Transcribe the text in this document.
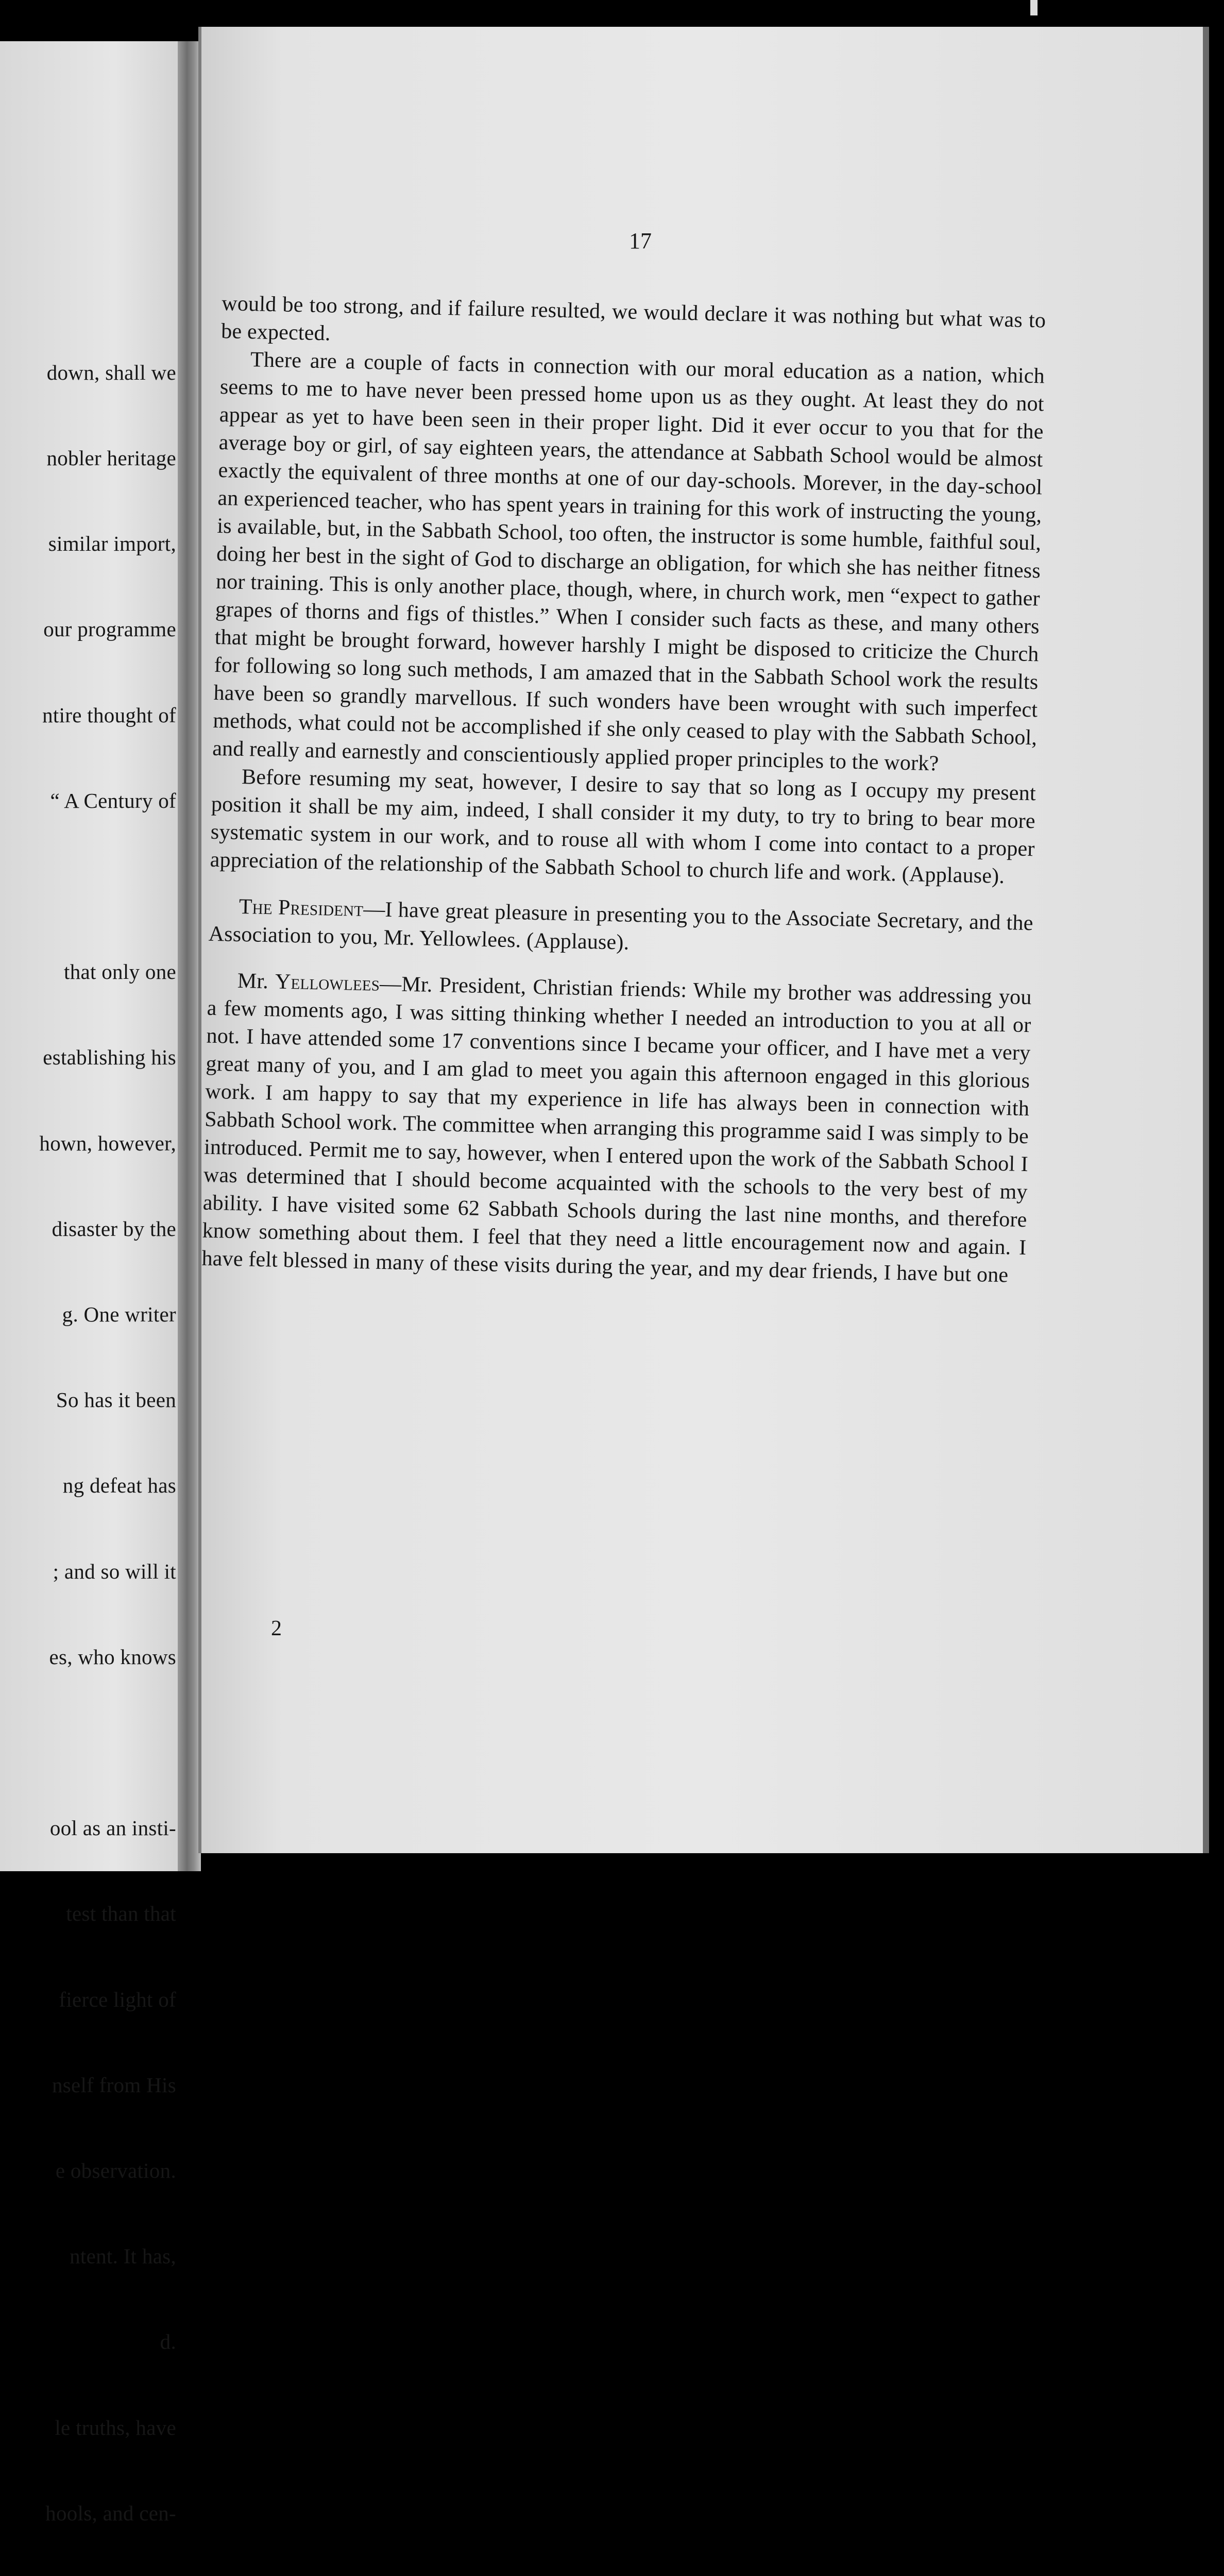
down, shall we

nobler heritage

similar import,

our programme

ntire thought of

“ A Century of

that only one

establishing his

hown, however,

disaster by the

g. One writer

So has it been

ng defeat has

; and so will it

es, who knows

ool as an insti-

test than that

fierce light of

nself from His

e observation.

ntent. It has,

d.

le truths, have

hools, and cen-

17

would be too strong, and if failure resulted, we would declare it was nothing but what was to be expected.

There are a couple of facts in connection with our moral education as a nation, which seems to me to have never been pressed home upon us as they ought. At least they do not appear as yet to have been seen in their proper light. Did it ever occur to you that for the average boy or girl, of say eighteen years, the attendance at Sabbath School would be almost exactly the equivalent of three months at one of our day-schools. Morever, in the day-school an experienced teacher, who has spent years in training for this work of instructing the young, is available, but, in the Sabbath School, too often, the instructor is some humble, faithful soul, doing her best in the sight of God to discharge an obligation, for which she has neither fitness nor training. This is only another place, though, where, in church work, men “expect to gather grapes of thorns and figs of thistles.” When I consider such facts as these, and many others that might be brought forward, however harshly I might be disposed to criticize the Church for following so long such methods, I am amazed that in the Sabbath School work the results have been so grandly marvellous. If such wonders have been wrought with such imperfect methods, what could not be accomplished if she only ceased to play with the Sabbath School, and really and earnestly and conscientiously applied proper principles to the work?

Before resuming my seat, however, I desire to say that so long as I occupy my present position it shall be my aim, indeed, I shall consider it my duty, to try to bring to bear more systematic system in our work, and to rouse all with whom I come into contact to a proper appreciation of the relationship of the Sabbath School to church life and work. (Applause).

The President—I have great pleasure in presenting you to the Associate Secretary, and the Association to you, Mr. Yellowlees. (Applause).

Mr. Yellowlees—Mr. President, Christian friends: While my brother was addressing you a few moments ago, I was sitting thinking whether I needed an introduction to you at all or not. I have attended some 17 conventions since I became your officer, and I have met a very great many of you, and I am glad to meet you again this afternoon engaged in this glorious work. I am happy to say that my experience in life has always been in connection with Sabbath School work. The committee when arranging this programme said I was simply to be introduced. Permit me to say, however, when I entered upon the work of the Sabbath School I was determined that I should become acquainted with the schools to the very best of my ability. I have visited some 62 Sabbath Schools during the last nine months, and therefore know something about them. I feel that they need a little encouragement now and again. I have felt blessed in many of these visits during the year, and my dear friends, I have but one

2
